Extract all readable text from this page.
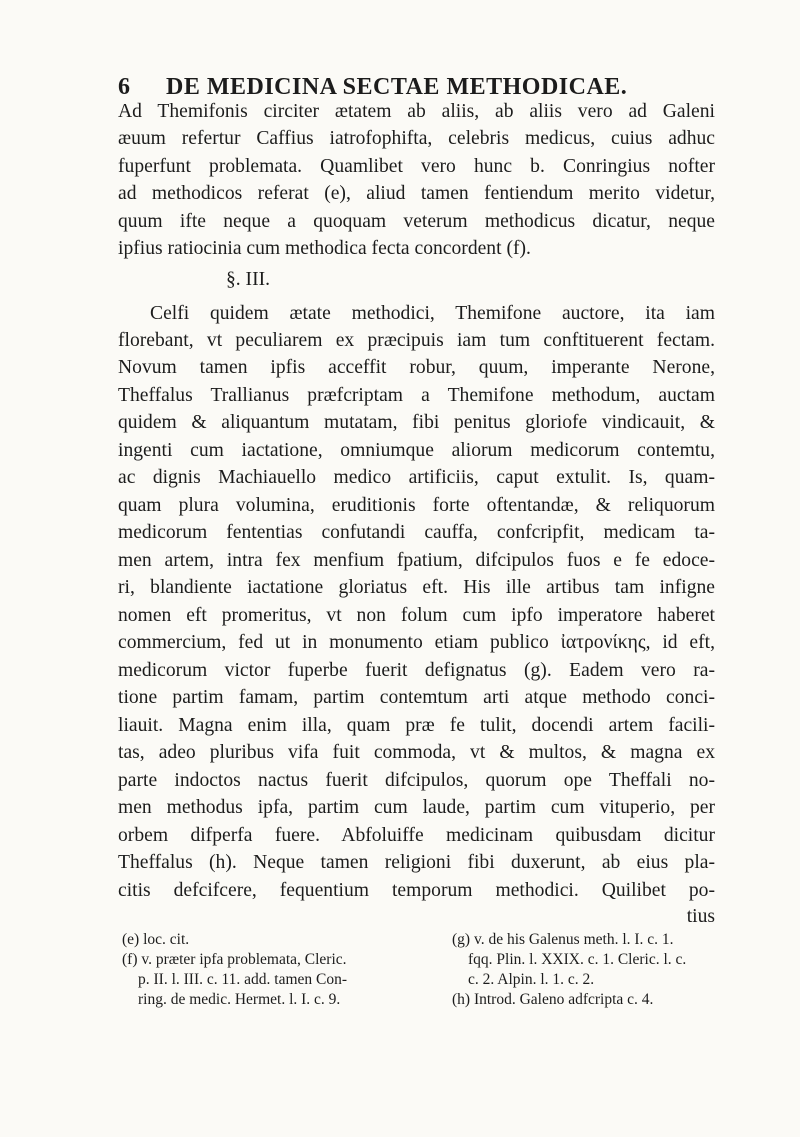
6 DE MEDICINA SECTAE METHODICAE.
Ad Themifonis circiter ætatem ab aliis, ab aliis vero ad Galeni
æuum refertur Caffius iatrofophifta, celebris medicus, cuius adhuc
fuperfunt problemata. Quamlibet vero hunc b. Conringius nofter
ad methodicos referat (e), aliud tamen fentiendum merito videtur,
quum ifte neque a quoquam veterum methodicus dicatur, neque
ipfius ratiocinia cum methodica fecta concordent (f).
§. III.
Celfi quidem ætate methodici, Themifone auctore, ita iam
florebant, vt peculiarem ex præcipuis iam tum conftituerent fectam.
Novum tamen ipfis acceffit robur, quum, imperante Nerone,
Theffalus Trallianus præfcriptam a Themifone methodum, auctam
quidem & aliquantum mutatam, fibi penitus gloriofe vindicauit, &
ingenti cum iactatione, omniumque aliorum medicorum contemtu,
ac dignis Machiauello medico artificiis, caput extulit. Is, quam-
quam plura volumina, eruditionis forte oftentandæ, & reliquorum
medicorum fententias confutandi cauffa, confcripfit, medicam ta-
men artem, intra fex menfium fpatium, difcipulos fuos e fe edoce-
ri, blandiente iactatione gloriatus eft. His ille artibus tam infigne
nomen eft promeritus, vt non folum cum ipfo imperatore haberet
commercium, fed ut in monumento etiam publico ἰατρονίκης, id eft,
medicorum victor fuperbe fuerit defignatus (g). Eadem vero ra-
tione partim famam, partim contemtum arti atque methodo conci-
liauit. Magna enim illa, quam præ fe tulit, docendi artem facili-
tas, adeo pluribus vifa fuit commoda, vt & multos, & magna ex
parte indoctos nactus fuerit difcipulos, quorum ope Theffali no-
men methodus ipfa, partim cum laude, partim cum vituperio, per
orbem difperfa fuere. Abfoluiffe medicinam quibusdam dicitur
Theffalus (h). Neque tamen religioni fibi duxerunt, ab eius pla-
citis defcifcere, fequentium temporum methodici. Quilibet po-
tius
(e) loc. cit.
(f) v. præter ipfa problemata, Cleric.
p. II. l. III. c. 11. add. tamen Con-
ring. de medic. Hermet. l. I. c. 9.
(g) v. de his Galenus meth. l. I. c. 1.
fqq. Plin. l. XXIX. c. 1. Cleric. l. c.
c. 2. Alpin. l. 1. c. 2.
(h) Introd. Galeno adfcripta c. 4.
